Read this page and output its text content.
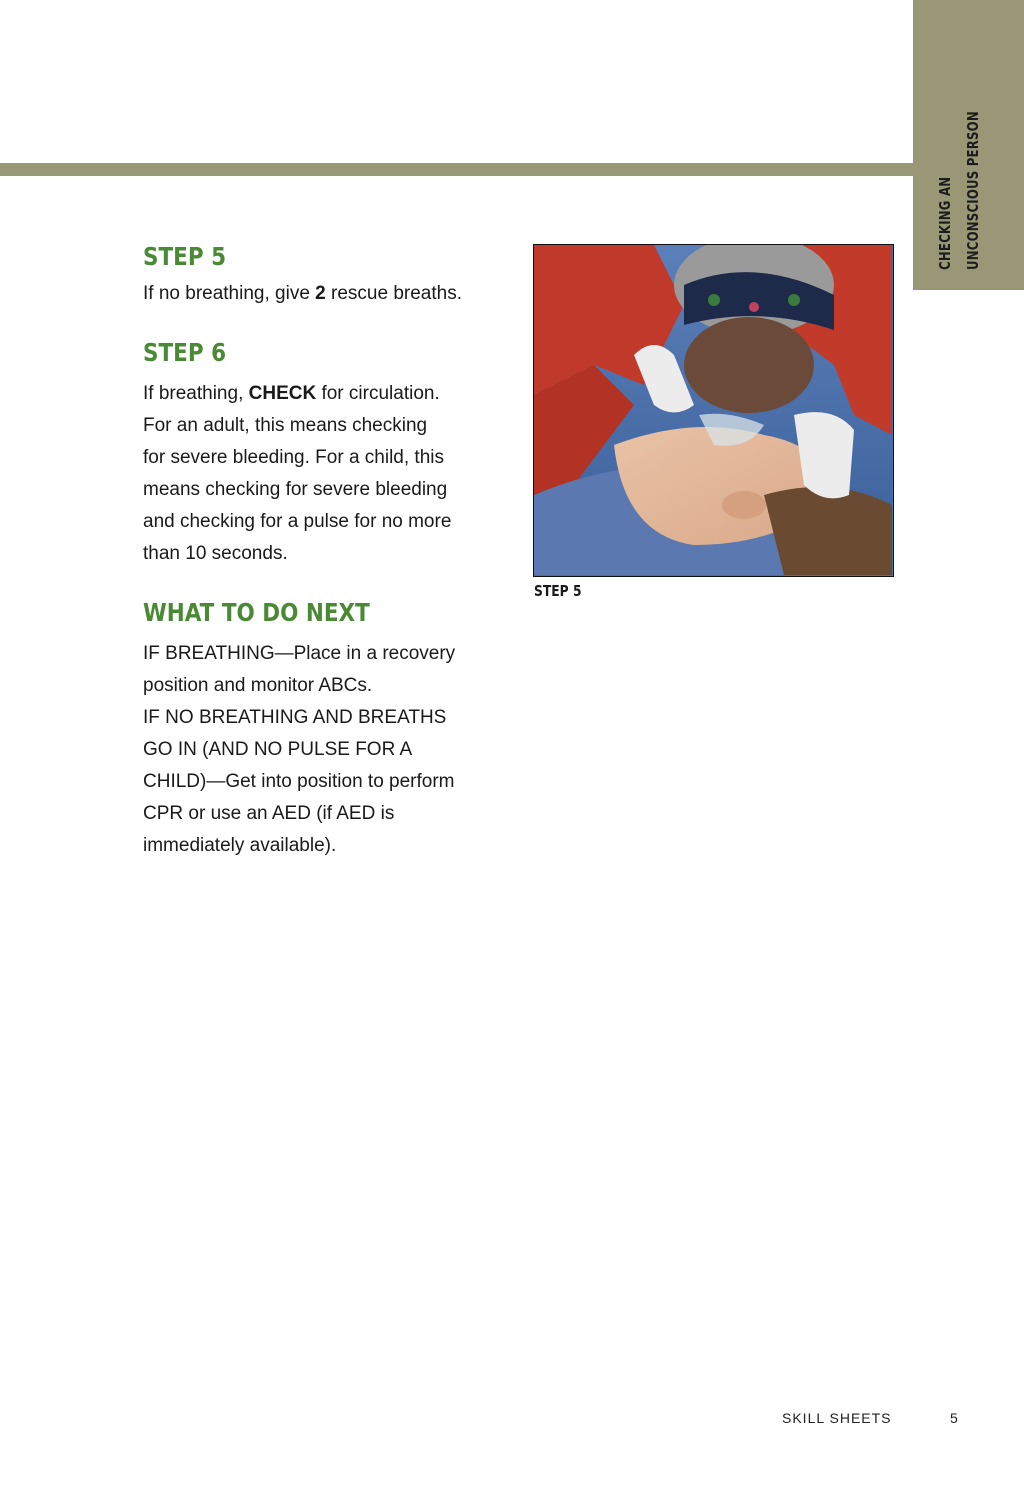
CHECKING AN UNCONSCIOUS PERSON
STEP 5

If no breathing, give 2 rescue breaths.

STEP 6

If breathing, CHECK for circulation.
For an adult, this means checking
for severe bleeding. For a child, this
means checking for severe bleeding
and checking for a pulse for no more
than 10 seconds.

WHAT TO DO NEXT

IF BREATHING—Place in a recovery
position and monitor ABCs.
IF NO BREATHING AND BREATHS
GO IN (AND NO PULSE FOR A
CHILD)—Get into position to perform
CPR or use an AED (if AED is
immediately available).

STEP 5
SKILL SHEETS	5
